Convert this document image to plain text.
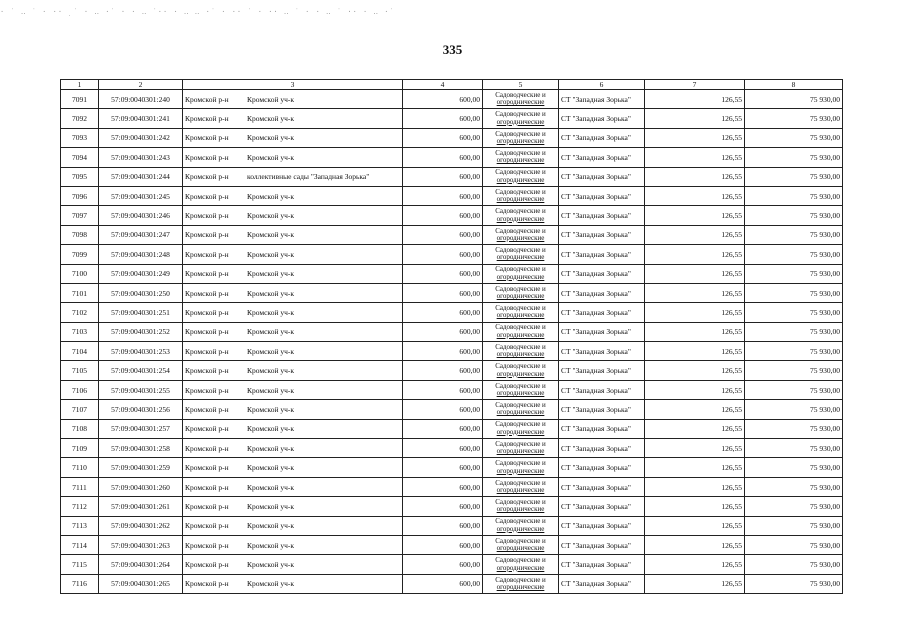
· ˙ ‥ ˙ · ·· ̣ ˙ · ‥ ·˙ · · ‥ ˙·· · ‥ ‥ ·˙ · ·· ˙ · ·· ‥ ˙ · · ‥ ˙ ·· · ‥ ·˙
335
1	2	3	4	5	6	7	8
7091	57:09:0040301:240	Кромской р-н Кромской уч-к	600,00	Садоводческие и
огороднические	СТ "Западная Зорька"	126,55	75 930,00
7092	57:09:0040301:241	Кромской р-н Кромской уч-к	600,00	Садоводческие и
огороднические	СТ "Западная Зорька"	126,55	75 930,00
7093	57:09:0040301:242	Кромской р-н Кромской уч-к	600,00	Садоводческие и
огороднические	СТ "Западная Зорька"	126,55	75 930,00
7094	57:09:0040301:243	Кромской р-н Кромской уч-к	600,00	Садоводческие и
огороднические	СТ "Западная Зорька"	126,55	75 930,00
7095	57:09:0040301:244	Кромской р-н коллективные сады "Западная Зорька"	600,00	Садоводческие и
огороднические	СТ "Западная Зорька"	126,55	75 930,00
7096	57:09:0040301:245	Кромской р-н Кромской уч-к	600,00	Садоводческие и
огороднические	СТ "Западная Зорька"	126,55	75 930,00
7097	57:09:0040301:246	Кромской р-н Кромской уч-к	600,00	Садоводческие и
огороднические	СТ "Западная Зорька"	126,55	75 930,00
7098	57:09:0040301:247	Кромской р-н Кромской уч-к	600,00	Садоводческие и
огороднические	СТ "Западная Зорька"	126,55	75 930,00
7099	57:09:0040301:248	Кромской р-н Кромской уч-к	600,00	Садоводческие и
огороднические	СТ "Западная Зорька"	126,55	75 930,00
7100	57:09:0040301:249	Кромской р-н Кромской уч-к	600,00	Садоводческие и
огороднические	СТ "Западная Зорька"	126,55	75 930,00
7101	57:09:0040301:250	Кромской р-н Кромской уч-к	600,00	Садоводческие и
огороднические	СТ "Западная Зорька"	126,55	75 930,00
7102	57:09:0040301:251	Кромской р-н Кромской уч-к	600,00	Садоводческие и
огороднические	СТ "Западная Зорька"	126,55	75 930,00
7103	57:09:0040301:252	Кромской р-н Кромской уч-к	600,00	Садоводческие и
огороднические	СТ "Западная Зорька"	126,55	75 930,00
7104	57:09:0040301:253	Кромской р-н Кромской уч-к	600,00	Садоводческие и
огороднические	СТ "Западная Зорька"	126,55	75 930,00
7105	57:09:0040301:254	Кромской р-н Кромской уч-к	600,00	Садоводческие и
огороднические	СТ "Западная Зорька"	126,55	75 930,00
7106	57:09:0040301:255	Кромской р-н Кромской уч-к	600,00	Садоводческие и
огороднические	СТ "Западная Зорька"	126,55	75 930,00
7107	57:09:0040301:256	Кромской р-н Кромской уч-к	600,00	Садоводческие и
огороднические	СТ "Западная Зорька"	126,55	75 930,00
7108	57:09:0040301:257	Кромской р-н Кромской уч-к	600,00	Садоводческие и
огороднические	СТ "Западная Зорька"	126,55	75 930,00
7109	57:09:0040301:258	Кромской р-н Кромской уч-к	600,00	Садоводческие и
огороднические	СТ "Западная Зорька"	126,55	75 930,00
7110	57:09:0040301:259	Кромской р-н Кромской уч-к	600,00	Садоводческие и
огороднические	СТ "Западная Зорька"	126,55	75 930,00
7111	57:09:0040301:260	Кромской р-н Кромской уч-к	600,00	Садоводческие и
огороднические	СТ "Западная Зорька"	126,55	75 930,00
7112	57:09:0040301:261	Кромской р-н Кромской уч-к	600,00	Садоводческие и
огороднические	СТ "Западная Зорька"	126,55	75 930,00
7113	57:09:0040301:262	Кромской р-н Кромской уч-к	600,00	Садоводческие и
огороднические	СТ "Западная Зорька"	126,55	75 930,00
7114	57:09:0040301:263	Кромской р-н Кромской уч-к	600,00	Садоводческие и
огороднические	СТ "Западная Зорька"	126,55	75 930,00
7115	57:09:0040301:264	Кромской р-н Кромской уч-к	600,00	Садоводческие и
огороднические	СТ "Западная Зорька"	126,55	75 930,00
7116	57:09:0040301:265	Кромской р-н Кромской уч-к	600,00	Садоводческие и
огороднические	СТ "Западная Зорька"	126,55	75 930,00
